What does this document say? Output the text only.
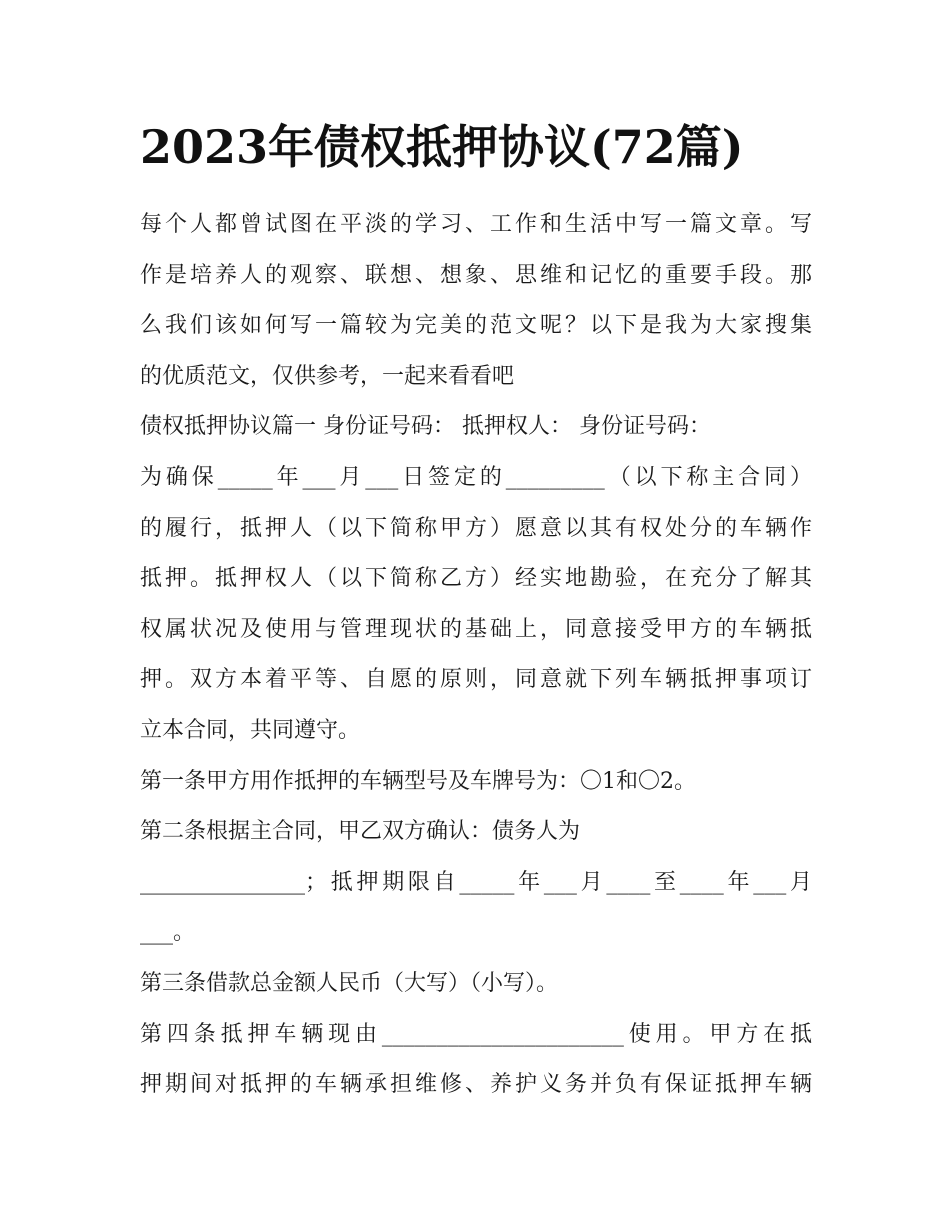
2023年债权抵押协议(72篇)
每个人都曾试图在平淡的学习、工作和生活中写一篇文章。写
作是培养人的观察、联想、想象、思维和记忆的重要手段。那
么我们该如何写一篇较为完美的范文呢？以下是我为大家搜集
的优质范文，仅供参考，一起来看看吧
债权抵押协议篇一 身份证号码： 抵押权人： 身份证号码：
为确保_____年___月___日签定的_________（以下称主合同）
的履行，抵押人（以下简称甲方）愿意以其有权处分的车辆作
抵押。抵押权人（以下简称乙方）经实地勘验，在充分了解其
权属状况及使用与管理现状的基础上，同意接受甲方的车辆抵
押。双方本着平等、自愿的原则，同意就下列车辆抵押事项订
立本合同，共同遵守。
第一条甲方用作抵押的车辆型号及车牌号为：〇1和〇2。
第二条根据主合同，甲乙双方确认：债务人为
_______________；抵押期限自_____年___月____至____年___月
___。
第三条借款总金额人民币（大写）（小写）。
第四条抵押车辆现由______________________使用。甲方在抵
押期间对抵押的车辆承担维修、养护义务并负有保证抵押车辆
